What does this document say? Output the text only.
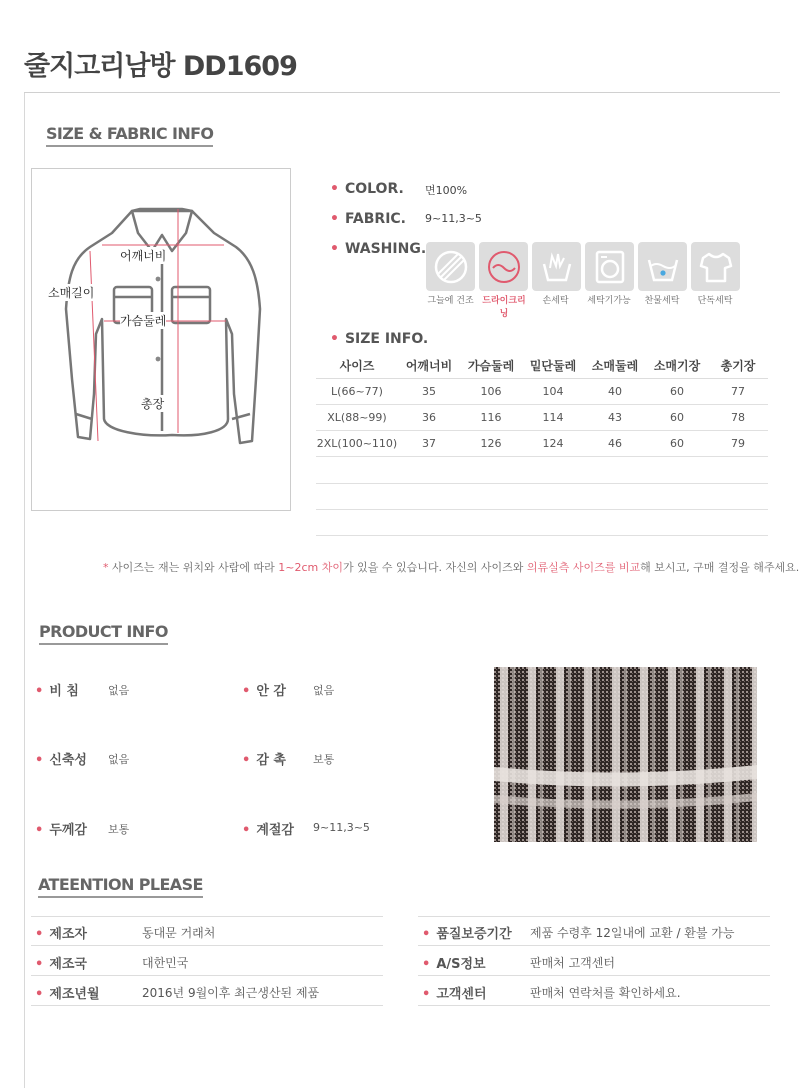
줄지고리남방 DD1609
SIZE & FABRIC INFO
어깨너비
소매길이
가슴둘레
총장
• COLOR. 면100%
• FABRIC. 9~11,3~5
• WASHING.
그늘에 건조 드라이크리닝
손세탁	세탁기가능	찬물세탁	단독세탁
• SIZE INFO.
사이즈	어깨너비	가슴둘레	밑단둘레	소매둘레	소매기장	총기장
L(66~77)	35	106	104	40	60	77
XL(88~99)	36	116	114	43	60	78
2XL(100~110)	37	126	124	46	60	79
* 사이즈는 재는 위치와 사람에 따라 1~2cm 차이가 있을 수 있습니다. 자신의 사이즈와 의류실측 사이즈를 비교해 보시고, 구매 결정을 해주세요.
PRODUCT INFO
• 비 침	없음	• 안 감 없음
• 신축성 없음	• 감 촉 보통
• 두께감 보통	• 계절감 9~11,3~5
ATEENTION PLEASE
• 제조자	동대문 거래처
• 제조국	대한민국
• 제조년월	2016년 9월이후 최근생산된 제품
• 품질보증기간 제품 수령후 12일내에 교환 / 환불 가능
• A/S정보	판매처 고객센터
• 고객센터	판매처 연락처를 확인하세요.
